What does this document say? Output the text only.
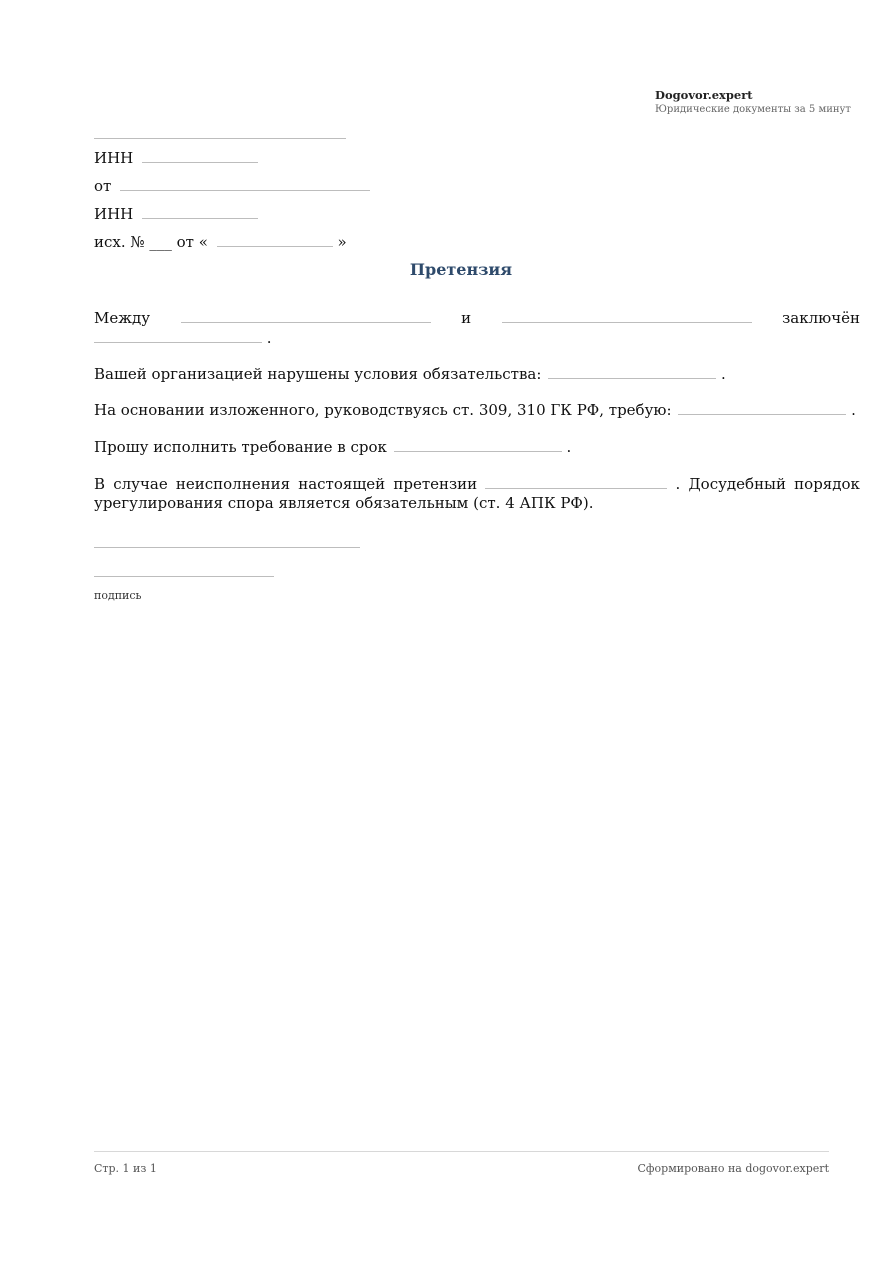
Dogovor.expert
Юридические документы за 5 минут
ИНН
от
ИНН
исх. № ___ от «	»
Претензия
Между	и	заключён
.
Вашей организацией нарушены условия обязательства:	.
На основании изложенного, руководствуясь ст. 309, 310 ГК РФ, требую:	.
Прошу исполнить требование в срок	.
В случае неисполнения настоящей претензии	. Досудебный порядок
урегулирования спора является обязательным (ст. 4 АПК РФ).
подпись
Стр. 1 из 1	Сформировано на dogovor.expert
